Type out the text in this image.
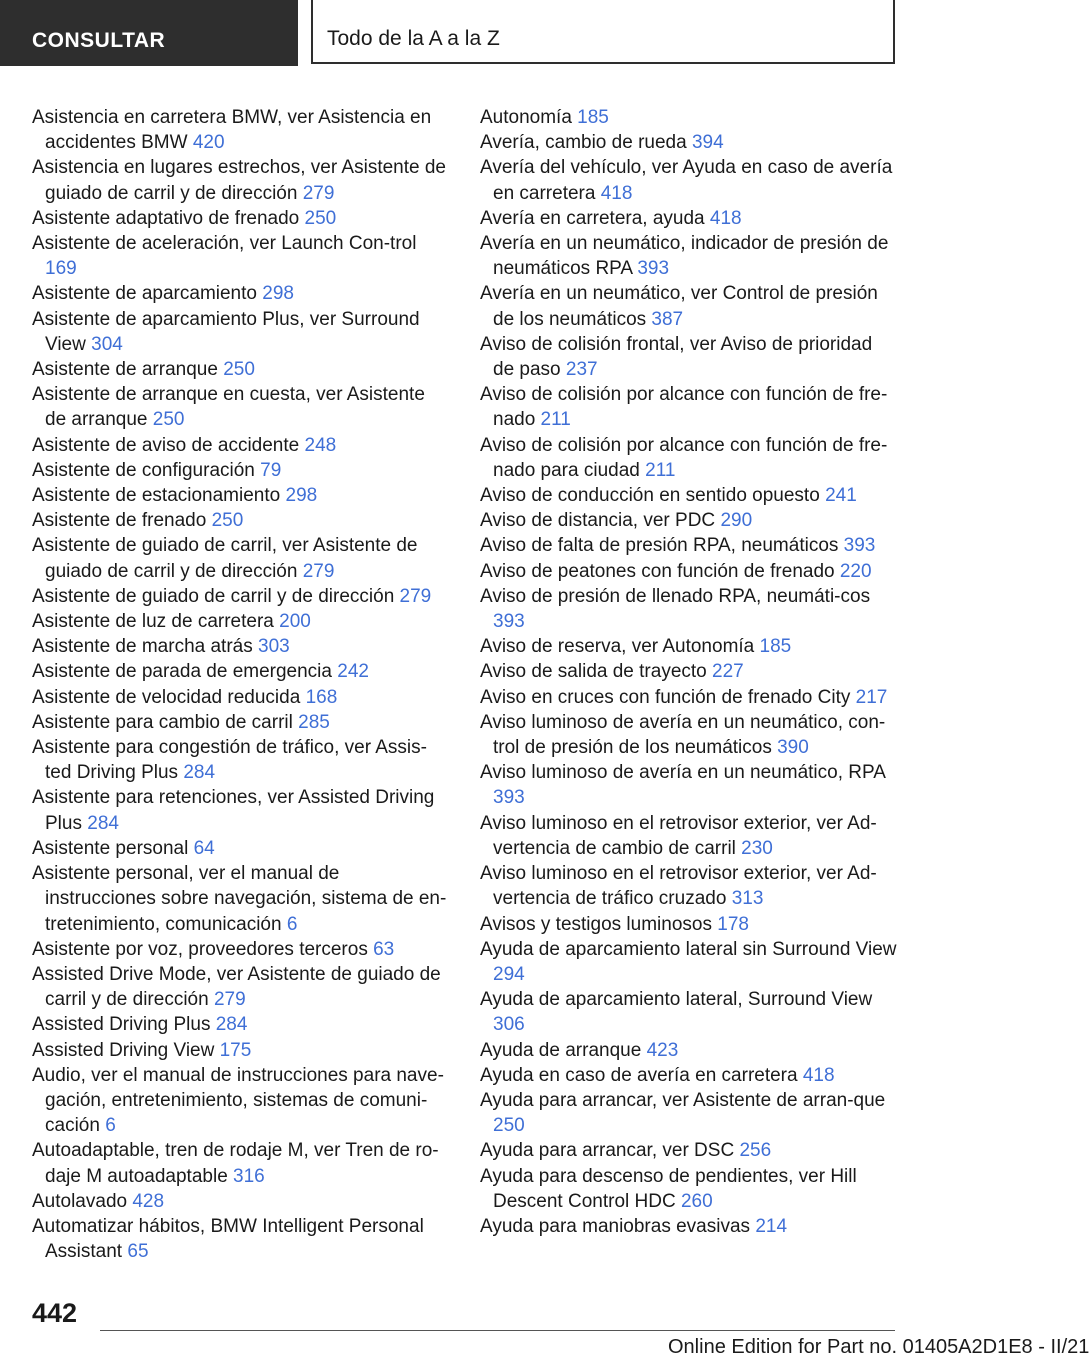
CONSULTAR	Todo de la A a la Z
Asistencia en carretera BMW, ver Asistencia en accidentes BMW 420
Asistencia en lugares estrechos, ver Asistente de guiado de carril y de dirección 279
Asistente adaptativo de frenado 250
Asistente de aceleración, ver Launch Con-trol 169
Asistente de aparcamiento 298
Asistente de aparcamiento Plus, ver Surround View 304
Asistente de arranque 250
Asistente de arranque en cuesta, ver Asistente de arranque 250
Asistente de aviso de accidente 248
Asistente de configuración 79
Asistente de estacionamiento 298
Asistente de frenado 250
Asistente de guiado de carril, ver Asistente de guiado de carril y de dirección 279
Asistente de guiado de carril y de dirección 279
Asistente de luz de carretera 200
Asistente de marcha atrás 303
Asistente de parada de emergencia 242
Asistente de velocidad reducida 168
Asistente para cambio de carril 285
Asistente para congestión de tráfico, ver Assis-ted Driving Plus 284
Asistente para retenciones, ver Assisted Driving Plus 284
Asistente personal 64
Asistente personal, ver el manual de instrucciones sobre navegación, sistema de en-tretenimiento, comunicación 6
Asistente por voz, proveedores terceros 63
Assisted Drive Mode, ver Asistente de guiado de carril y de dirección 279
Assisted Driving Plus 284
Assisted Driving View 175
Audio, ver el manual de instrucciones para nave-gación, entretenimiento, sistemas de comuni-cación 6
Autoadaptable, tren de rodaje M, ver Tren de ro-daje M autoadaptable 316
Autolavado 428
Automatizar hábitos, BMW Intelligent Personal Assistant 65
Autonomía 185
Avería, cambio de rueda 394
Avería del vehículo, ver Ayuda en caso de avería en carretera 418
Avería en carretera, ayuda 418
Avería en un neumático, indicador de presión de neumáticos RPA 393
Avería en un neumático, ver Control de presión de los neumáticos 387
Aviso de colisión frontal, ver Aviso de prioridad de paso 237
Aviso de colisión por alcance con función de fre-nado 211
Aviso de colisión por alcance con función de fre-nado para ciudad 211
Aviso de conducción en sentido opuesto 241
Aviso de distancia, ver PDC 290
Aviso de falta de presión RPA, neumáticos 393
Aviso de peatones con función de frenado 220
Aviso de presión de llenado RPA, neumáti-cos 393
Aviso de reserva, ver Autonomía 185
Aviso de salida de trayecto 227
Aviso en cruces con función de frenado City 217
Aviso luminoso de avería en un neumático, con-trol de presión de los neumáticos 390
Aviso luminoso de avería en un neumático, RPA 393
Aviso luminoso en el retrovisor exterior, ver Ad-vertencia de cambio de carril 230
Aviso luminoso en el retrovisor exterior, ver Ad-vertencia de tráfico cruzado 313
Avisos y testigos luminosos 178
Ayuda de aparcamiento lateral sin Surround View 294
Ayuda de aparcamiento lateral, Surround View 306
Ayuda de arranque 423
Ayuda en caso de avería en carretera 418
Ayuda para arrancar, ver Asistente de arran-que 250
Ayuda para arrancar, ver DSC 256
Ayuda para descenso de pendientes, ver Hill Descent Control HDC 260
Ayuda para maniobras evasivas 214
442
Online Edition for Part no. 01405A2D1E8 - II/21
